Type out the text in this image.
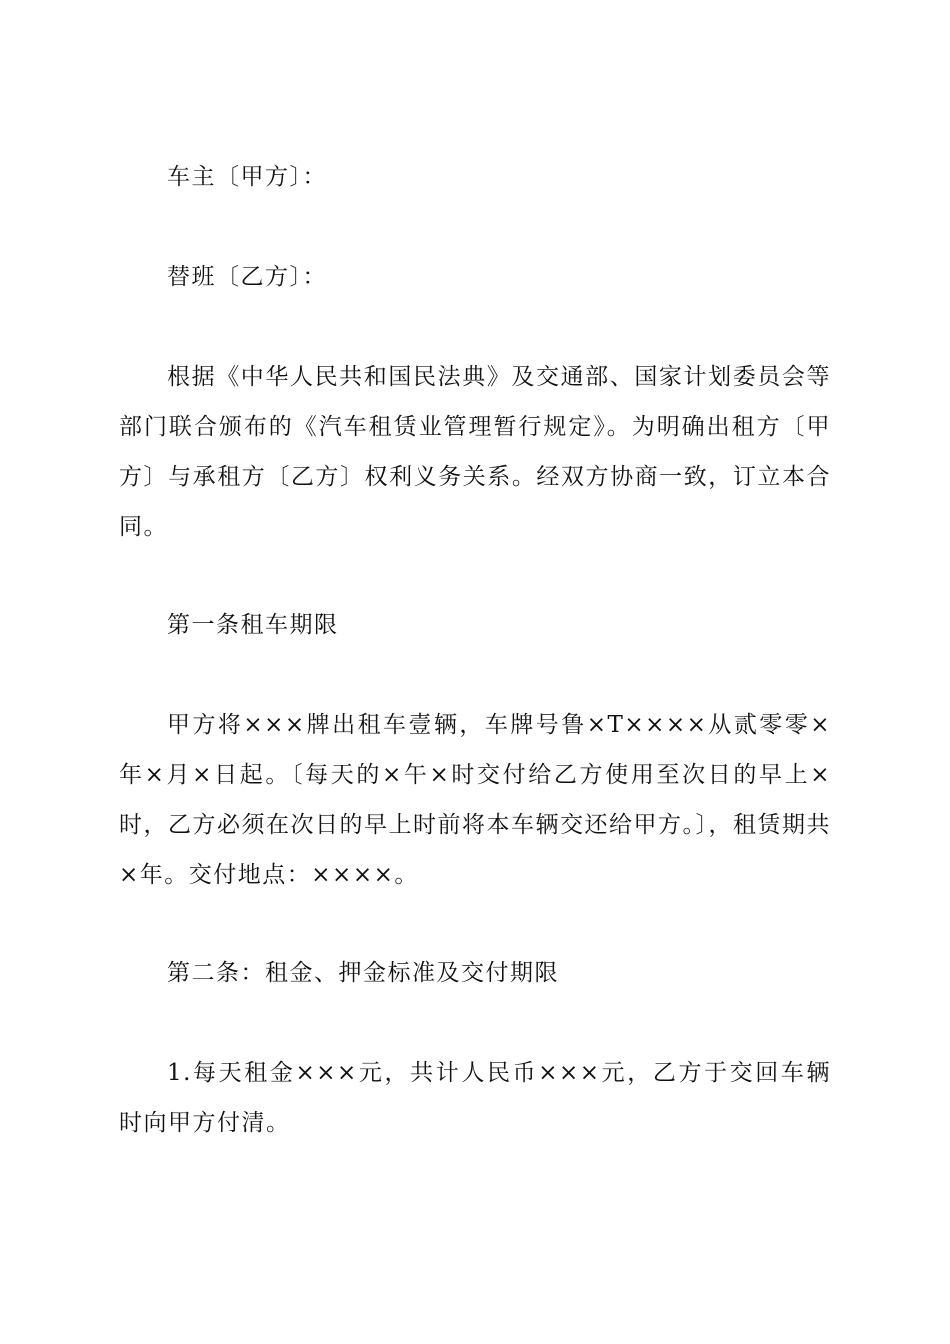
车主〔甲方〕：

替班〔乙方〕：

根据《中华人民共和国民法典》及交通部、国家计划委员会等部门联合颁布的《汽车租赁业管理暂行规定》。为明确出租方〔甲方〕与承租方〔乙方〕权利义务关系。经双方协商一致，订立本合同。

第一条租车期限

甲方将×××牌出租车壹辆，车牌号鲁×T××××从贰零零×年×月×日起。〔每天的×午×时交付给乙方使用至次日的早上×时，乙方必须在次日的早上时前将本车辆交还给甲方。〕，租赁期共×年。交付地点：××××。

第二条：租金、押金标准及交付期限

1.每天租金×××元，共计人民币×××元，乙方于交回车辆时向甲方付清。
